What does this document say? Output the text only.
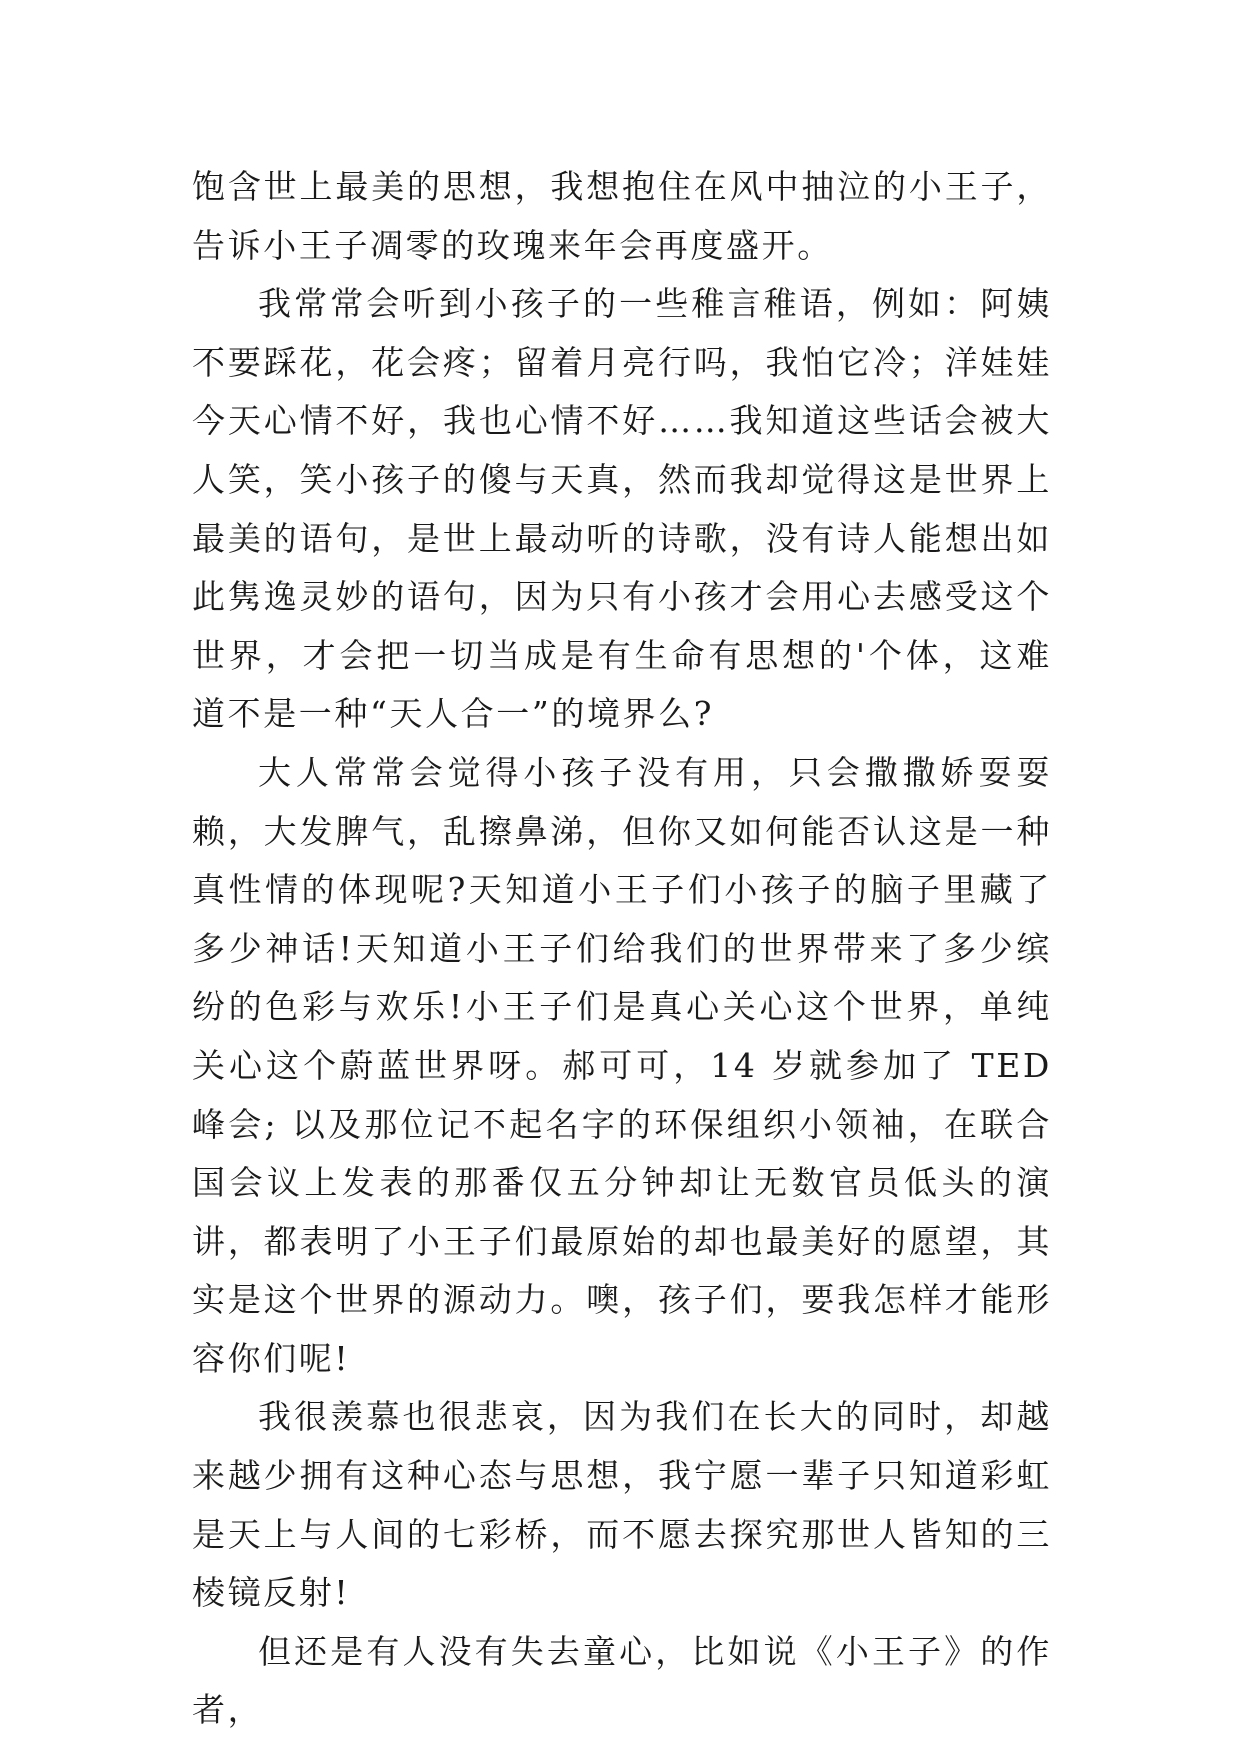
饱含世上最美的思想，我想抱住在风中抽泣的小王子，告诉小王子凋零的玫瑰来年会再度盛开。

我常常会听到小孩子的一些稚言稚语，例如：阿姨不要踩花，花会疼；留着月亮行吗，我怕它冷；洋娃娃今天心情不好，我也心情不好……我知道这些话会被大人笑，笑小孩子的傻与天真，然而我却觉得这是世界上最美的语句，是世上最动听的诗歌，没有诗人能想出如此隽逸灵妙的语句，因为只有小孩才会用心去感受这个世界，才会把一切当成是有生命有思想的'个体，这难道不是一种“天人合一”的境界么?

大人常常会觉得小孩子没有用，只会撒撒娇耍耍赖，大发脾气，乱擦鼻涕，但你又如何能否认这是一种真性情的体现呢?天知道小王子们小孩子的脑子里藏了多少神话!天知道小王子们给我们的世界带来了多少缤纷的色彩与欢乐!小王子们是真心关心这个世界，单纯关心这个蔚蓝世界呀。郝可可，14 岁就参加了 TED 峰会; 以及那位记不起名字的环保组织小领袖，在联合国会议上发表的那番仅五分钟却让无数官员低头的演讲，都表明了小王子们最原始的却也最美好的愿望，其实是这个世界的源动力。噢，孩子们，要我怎样才能形容你们呢!

我很羡慕也很悲哀，因为我们在长大的同时，却越来越少拥有这种心态与思想，我宁愿一辈子只知道彩虹是天上与人间的七彩桥，而不愿去探究那世人皆知的三棱镜反射!

但还是有人没有失去童心，比如说《小王子》的作者，
